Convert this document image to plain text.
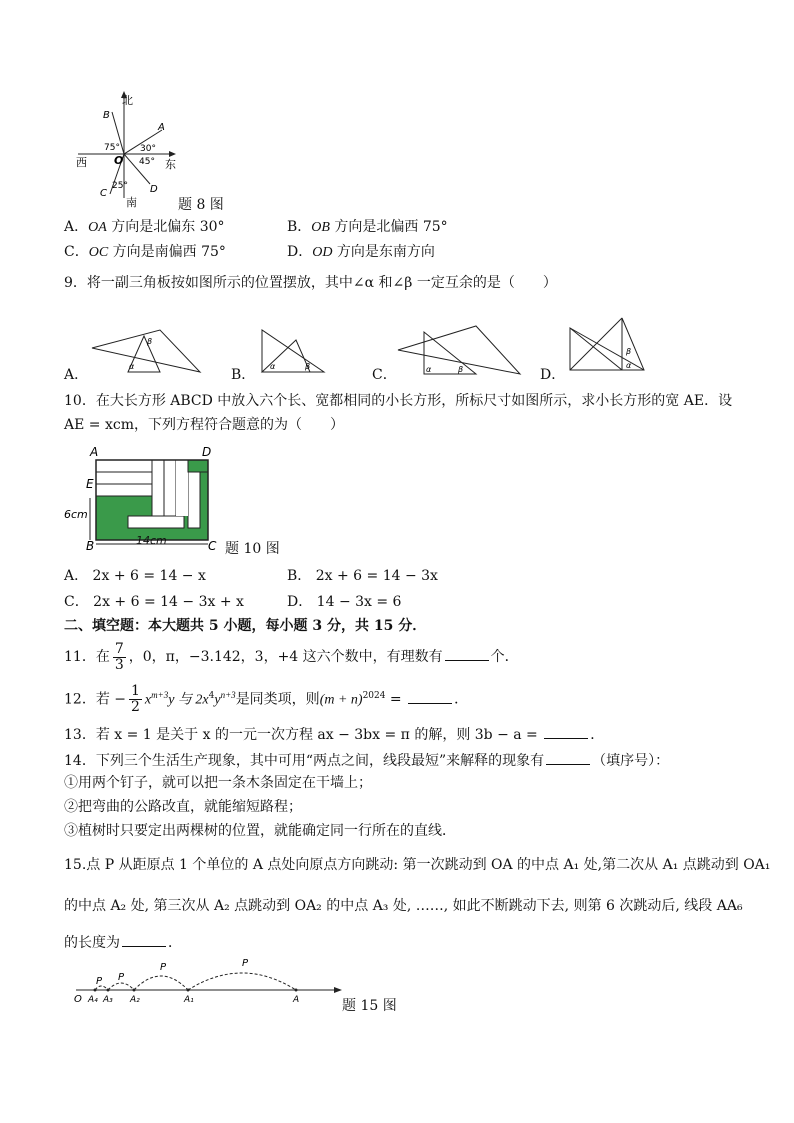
北
B
A
75° 30°
西 O 45° 东
25°
C	D
南	题 8 图
A．OA 方向是北偏东 30°	B．OB 方向是北偏西 75°
C．OC 方向是南偏西 75°	D．OD 方向是东南方向
9．将一副三角板按如图所示的位置摆放，其中∠α 和∠β 一定互余的是（　　）
A．
α
β
B．
α	β
C．	α	β	D．
β
α
10．在大长方形 ABCD 中放入六个长、宽都相同的小长方形，所标尺寸如图所示，求小长方形的宽 AE．设
AE = xcm，下列方程符合题意的为（　　）
A	D
E
6cm
B	14cm	C 题 10 图
A． 2x + 6 = 14 − x	B． 2x + 6 = 14 − 3x
C． 2x + 6 = 14 − 3x + x	D． 14 − 3x = 6
二、填空题：本大题共 5 小题，每小题 3 分，共 15 分．
11．在 $\frac{7}{3}$ ，0，π，−3.142，3，+4 这六个数中，有理数有	个．
12．若 − $\frac{1}{2} x^{m+3}y$ 与 $2x^4y^{n+3}$是同类项，则$(m + n)^{2024}$ =	．
13．若 x = 1 是关于 x 的一元一次方程 ax − 3bx = π 的解，则 3b − a =	．
14．下列三个生活生产现象，其中可用“两点之间，线段最短”来解释的现象有	（填序号）：
①用两个钉子，就可以把一条木条固定在干墙上；
②把弯曲的公路改直，就能缩短路程；
③植树时只要定出两棵树的位置，就能确定同一行所在的直线．
15.点 P 从距原点 1 个单位的 A 点处向原点方向跳动: 第一次跳动到 OA 的中点 A₁ 处,第二次从 A₁ 点跳动到 OA₁
的中点 A₂ 处, 第三次从 A₂ 点跳动到 OA₂ 的中点 A₃ 处, ……, 如此不断跳动下去, 则第 6 次跳动后, 线段 AA₆
的长度为	．
P
P
P
P
O A₄ A₃ A₂	A₁	A	题 15 图
